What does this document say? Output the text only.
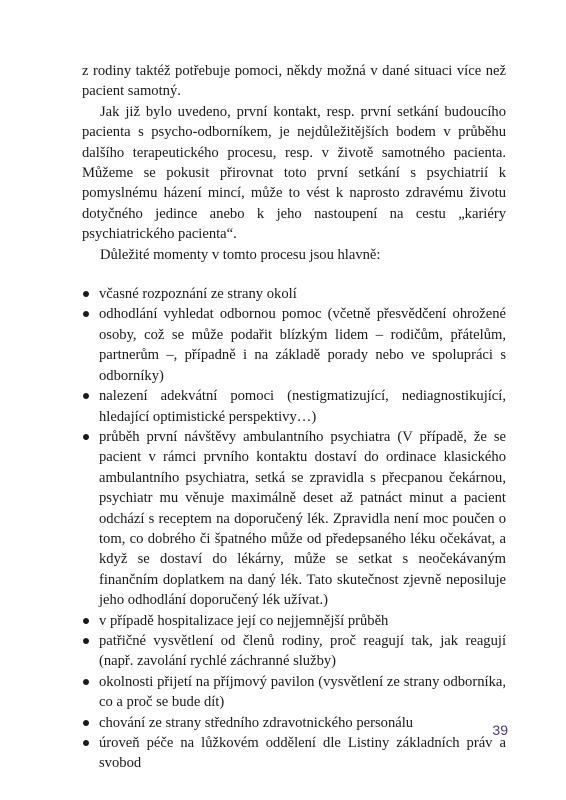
z rodiny taktéž potřebuje pomoci, někdy možná v dané situaci více než pacient samotný.

Jak již bylo uvedeno, první kontakt, resp. první setkání budoucího pacienta s psycho-odborníkem, je nejdůležitějších bodem v průběhu dalšího terapeutického procesu, resp. v životě samotného pacienta. Můžeme se pokusit přirovnat toto první setkání s psychiatrií k pomyslnému házení mincí, může to vést k naprosto zdravému životu dotyčného jedince anebo k jeho nastoupení na cestu „kariéry psychiatrického pacienta“.

Důležité momenty v tomto procesu jsou hlavně:

včasné rozpoznání ze strany okolí
odhodlání vyhledat odbornou pomoc (včetně přesvědčení ohrožené osoby, což se může podařit blízkým lidem – rodičům, přátelům, partnerům –, případně i na základě porady nebo ve spolupráci s odborníky)
nalezení adekvátní pomoci (nestigmatizující, nediagnostikující, hledající optimistické perspektivy…)
průběh první návštěvy ambulantního psychiatra (V případě, že se pacient v rámci prvního kontaktu dostaví do ordinace klasického ambulantního psychiatra, setká se zpravidla s přecpanou čekárnou, psychiatr mu věnuje maximálně deset až patnáct minut a pacient odchází s receptem na doporučený lék. Zpravidla není moc poučen o tom, co dobrého či špatného může od předepsaného léku očekávat, a když se dostaví do lékárny, může se setkat s neočekávaným finančním doplatkem na daný lék. Tato skutečnost zjevně neposiluje jeho odhodlání doporučený lék užívat.)
v případě hospitalizace její co nejjemnější průběh
patřičné vysvětlení od členů rodiny, proč reagují tak, jak reagují (např. zavolání rychlé záchranné služby)
okolnosti přijetí na příjmový pavilon (vysvětlení ze strany odborníka, co a proč se bude dít)
chování ze strany středního zdravotnického personálu
úroveň péče na lůžkovém oddělení dle Listiny základních práv a svobod
39
